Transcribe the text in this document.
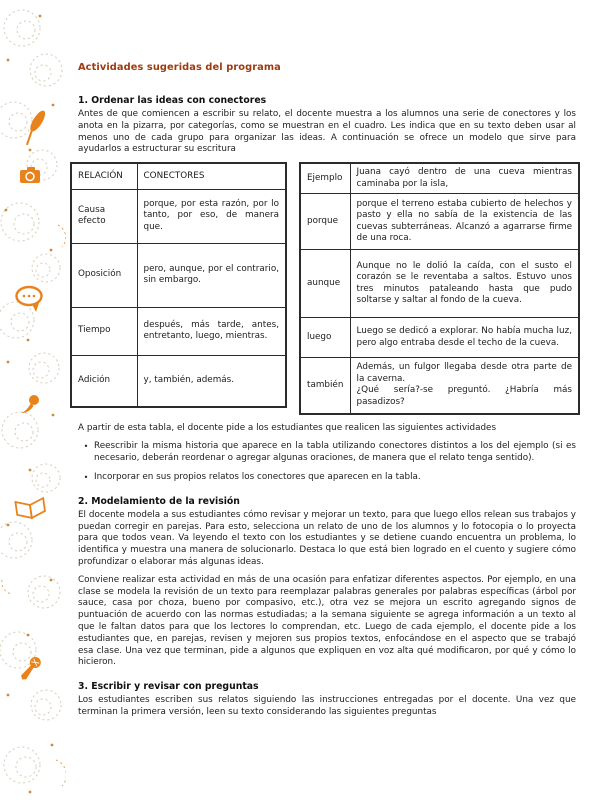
Actividades sugeridas del programa
1. Ordenar las ideas con conectores

Antes de que comiencen a escribir su relato, el docente muestra a los alumnos una serie de conectores y los anota en la pizarra, por categorías, como se muestran en el cuadro. Les indica que en su texto deben usar al menos uno de cada grupo para organizar las ideas. A continuación se ofrece un modelo que sirve para ayudarlos a estructurar su escritura

RELACIÓN	CONECTORES
Causa efecto	porque, por esta razón, por lo tanto, por eso, de manera que.
Oposición	pero, aunque, por el contrario, sin embargo.
Tiempo	después, más tarde, antes, entretanto, luego, mientras.
Adición	y, también, además.
Ejemplo	Juana cayó dentro de una cueva mientras caminaba por la isla,
porque	porque el terreno estaba cubierto de helechos y pasto y ella no sabía de la existencia de las cuevas subterráneas. Alcanzó a agarrarse firme de una roca.
aunque	Aunque no le dolió la caída, con el susto el corazón se le reventaba a saltos. Estuvo unos tres minutos pataleando hasta que pudo soltarse y saltar al fondo de la cueva.
luego	Luego se dedicó a explorar. No había mucha luz, pero algo entraba desde el techo de la cueva.
también	Además, un fulgor llegaba desde otra parte de la caverna.
¿Qué sería?-se preguntó. ¿Habría más pasadizos?

A partir de esta tabla, el docente pide a los estudiantes que realicen las siguientes actividades

• Reescribir la misma historia que aparece en la tabla utilizando conectores distintos a los del ejemplo (si es necesario, deberán reordenar o agregar algunas oraciones, de manera que el relato tenga sentido).
• Incorporar en sus propios relatos los conectores que aparecen en la tabla.
2. Modelamiento de la revisión

El docente modela a sus estudiantes cómo revisar y mejorar un texto, para que luego ellos relean sus trabajos y puedan corregir en parejas. Para esto, selecciona un relato de uno de los alumnos y lo fotocopia o lo proyecta para que todos vean. Va leyendo el texto con los estudiantes y se detiene cuando encuentra un problema, lo identifica y muestra una manera de solucionarlo. Destaca lo que está bien logrado en el cuento y sugiere cómo profundizar o elaborar más algunas ideas.

Conviene realizar esta actividad en más de una ocasión para enfatizar diferentes aspectos. Por ejemplo, en una clase se modela la revisión de un texto para reemplazar palabras generales por palabras específicas (árbol por sauce, casa por choza, bueno por compasivo, etc.), otra vez se mejora un escrito agregando signos de puntuación de acuerdo con las normas estudiadas; a la semana siguiente se agrega información a un texto al que le faltan datos para que los lectores lo comprendan, etc. Luego de cada ejemplo, el docente pide a los estudiantes que, en parejas, revisen y mejoren sus propios textos, enfocándose en el aspecto que se trabajó esa clase. Una vez que terminan, pide a algunos que expliquen en voz alta qué modificaron, por qué y cómo lo hicieron.

3. Escribir y revisar con preguntas

Los estudiantes escriben sus relatos siguiendo las instrucciones entregadas por el docente. Una vez que terminan la primera versión, leen su texto considerando las siguientes preguntas
